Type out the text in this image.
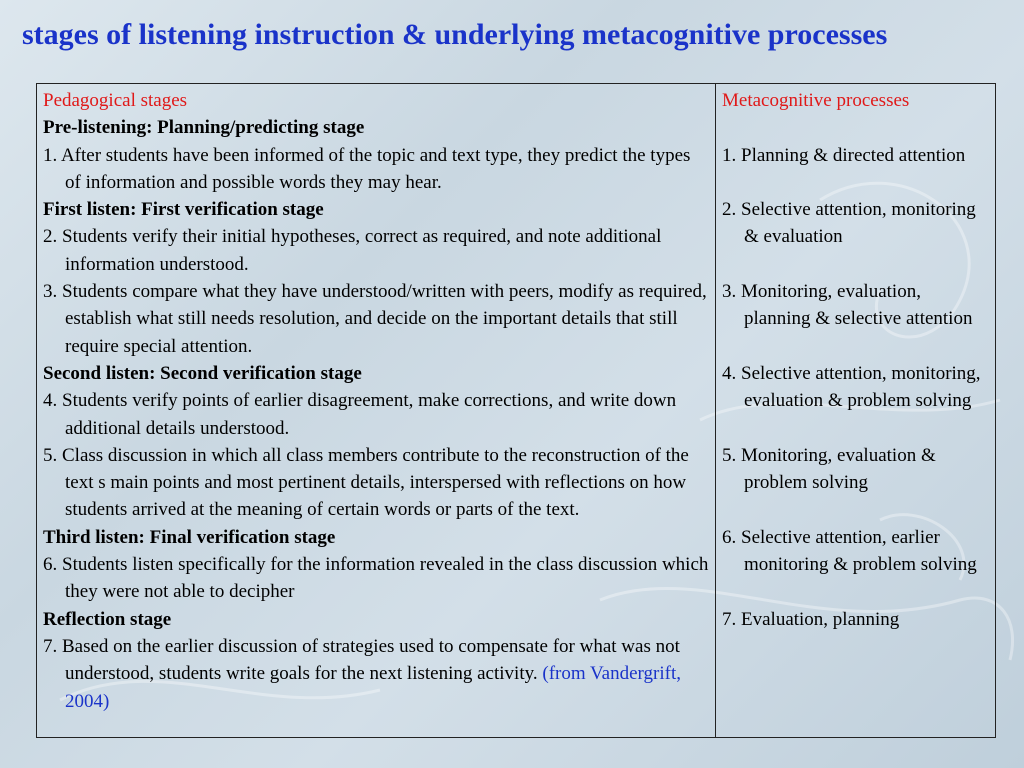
stages of listening instruction & underlying metacognitive processes
Pedagogical stages
Pre-listening: Planning/predicting stage
1. After students have been informed of the topic and text type, they predict the types of information and possible words they may hear.
First listen: First verification stage
2. Students verify their initial hypotheses, correct as required, and note additional information understood.
3. Students compare what they have understood/written with peers, modify as required, establish what still needs resolution, and decide on the important details that still require special attention.
Second listen: Second verification stage
4. Students verify points of earlier disagreement, make corrections, and write down additional details understood.
5. Class discussion in which all class members contribute to the reconstruction of the text s main points and most pertinent details, interspersed with reflections on how students arrived at the meaning of certain words or parts of the text.
Third listen: Final verification stage
6. Students listen specifically for the information revealed in the class discussion which they were not able to decipher
Reflection stage
7. Based on the earlier discussion of strategies used to compensate for what was not understood, students write goals for the next listening activity. (from Vandergrift, 2004)
Metacognitive processes
1. Planning & directed attention
2. Selective attention, monitoring & evaluation
3. Monitoring, evaluation, planning & selective attention
4. Selective attention, monitoring, evaluation & problem solving
5. Monitoring, evaluation & problem solving
6. Selective attention, earlier monitoring & problem solving
7. Evaluation, planning
